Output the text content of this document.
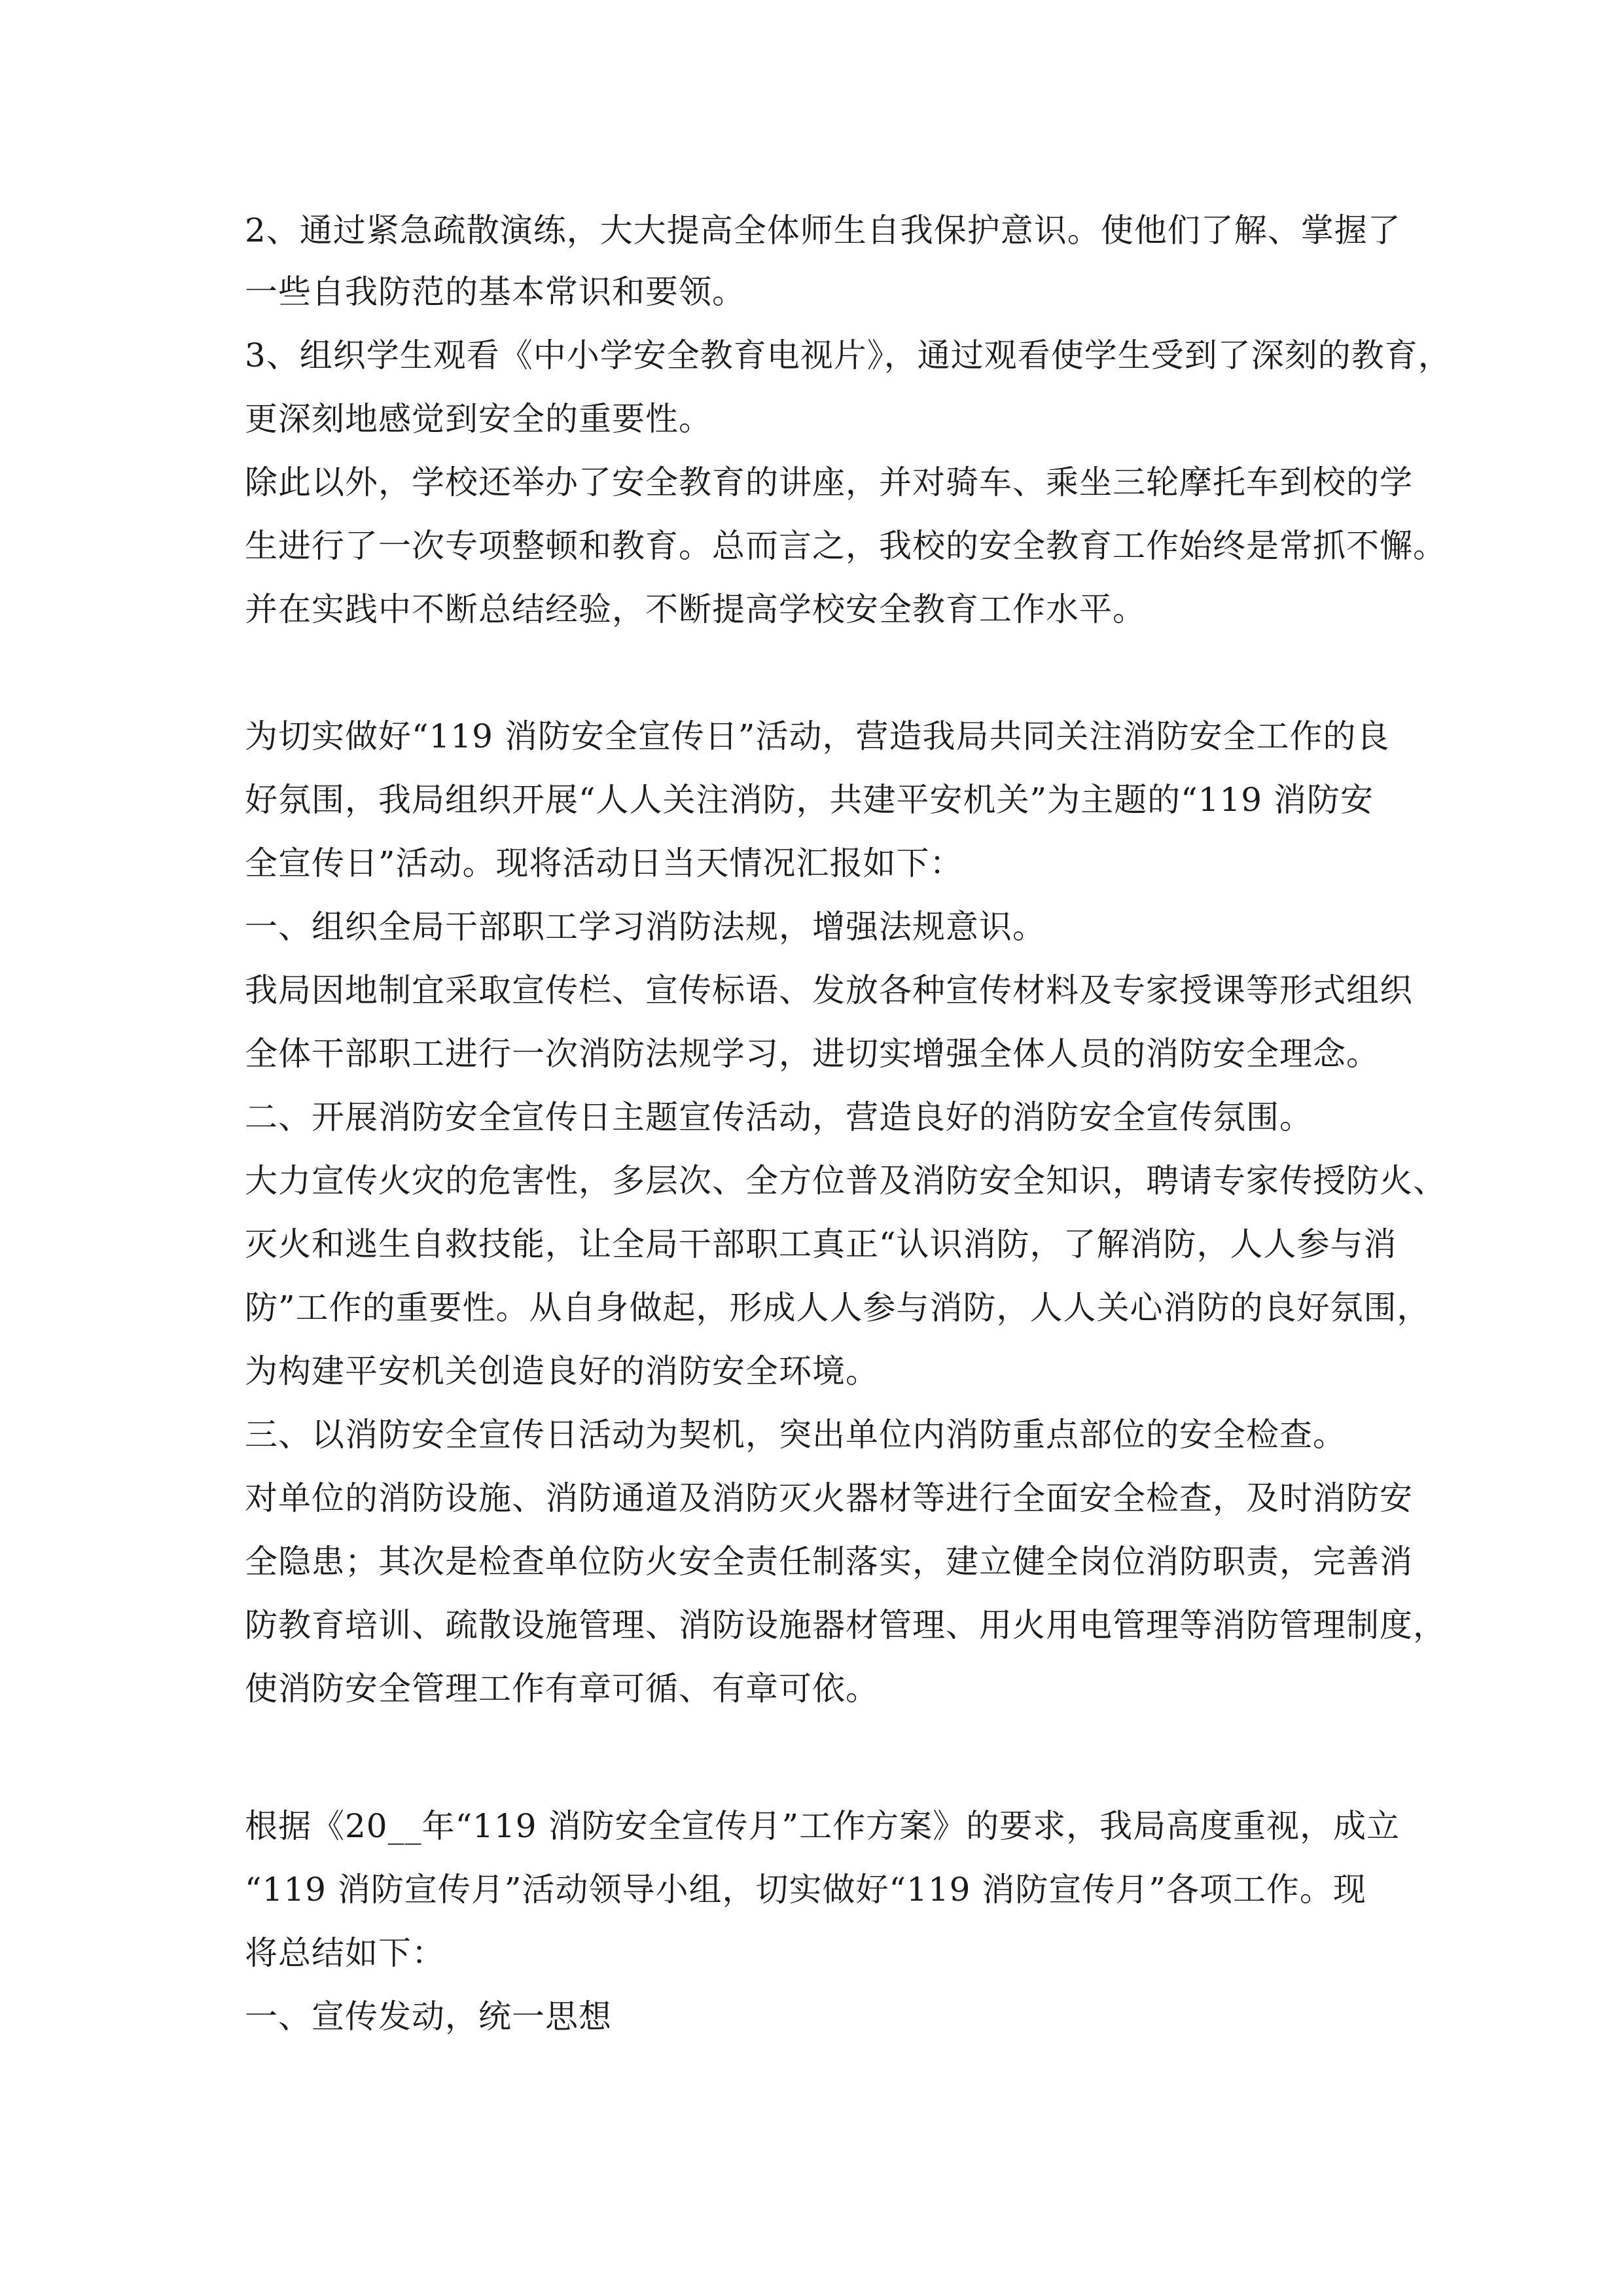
2、通过紧急疏散演练，大大提高全体师生自我保护意识。使他们了解、掌握了
一些自我防范的基本常识和要领。
3、组织学生观看《中小学安全教育电视片》，通过观看使学生受到了深刻的教育，
更深刻地感觉到安全的重要性。
除此以外，学校还举办了安全教育的讲座，并对骑车、乘坐三轮摩托车到校的学
生进行了一次专项整顿和教育。总而言之，我校的安全教育工作始终是常抓不懈。
并在实践中不断总结经验，不断提高学校安全教育工作水平。
为切实做好“119 消防安全宣传日”活动，营造我局共同关注消防安全工作的良
好氛围，我局组织开展“人人关注消防，共建平安机关”为主题的“119 消防安
全宣传日”活动。现将活动日当天情况汇报如下：
一、组织全局干部职工学习消防法规，增强法规意识。
我局因地制宜采取宣传栏、宣传标语、发放各种宣传材料及专家授课等形式组织
全体干部职工进行一次消防法规学习，进切实增强全体人员的消防安全理念。
二、开展消防安全宣传日主题宣传活动，营造良好的消防安全宣传氛围。
大力宣传火灾的危害性，多层次、全方位普及消防安全知识，聘请专家传授防火、
灭火和逃生自救技能，让全局干部职工真正“认识消防，了解消防，人人参与消
防”工作的重要性。从自身做起，形成人人参与消防，人人关心消防的良好氛围，
为构建平安机关创造良好的消防安全环境。
三、以消防安全宣传日活动为契机，突出单位内消防重点部位的安全检查。
对单位的消防设施、消防通道及消防灭火器材等进行全面安全检查，及时消防安
全隐患；其次是检查单位防火安全责任制落实，建立健全岗位消防职责，完善消
防教育培训、疏散设施管理、消防设施器材管理、用火用电管理等消防管理制度，
使消防安全管理工作有章可循、有章可依。
根据《20__年“119 消防安全宣传月”工作方案》的要求，我局高度重视，成立
“119 消防宣传月”活动领导小组，切实做好“119 消防宣传月”各项工作。现
将总结如下：
一、宣传发动，统一思想
